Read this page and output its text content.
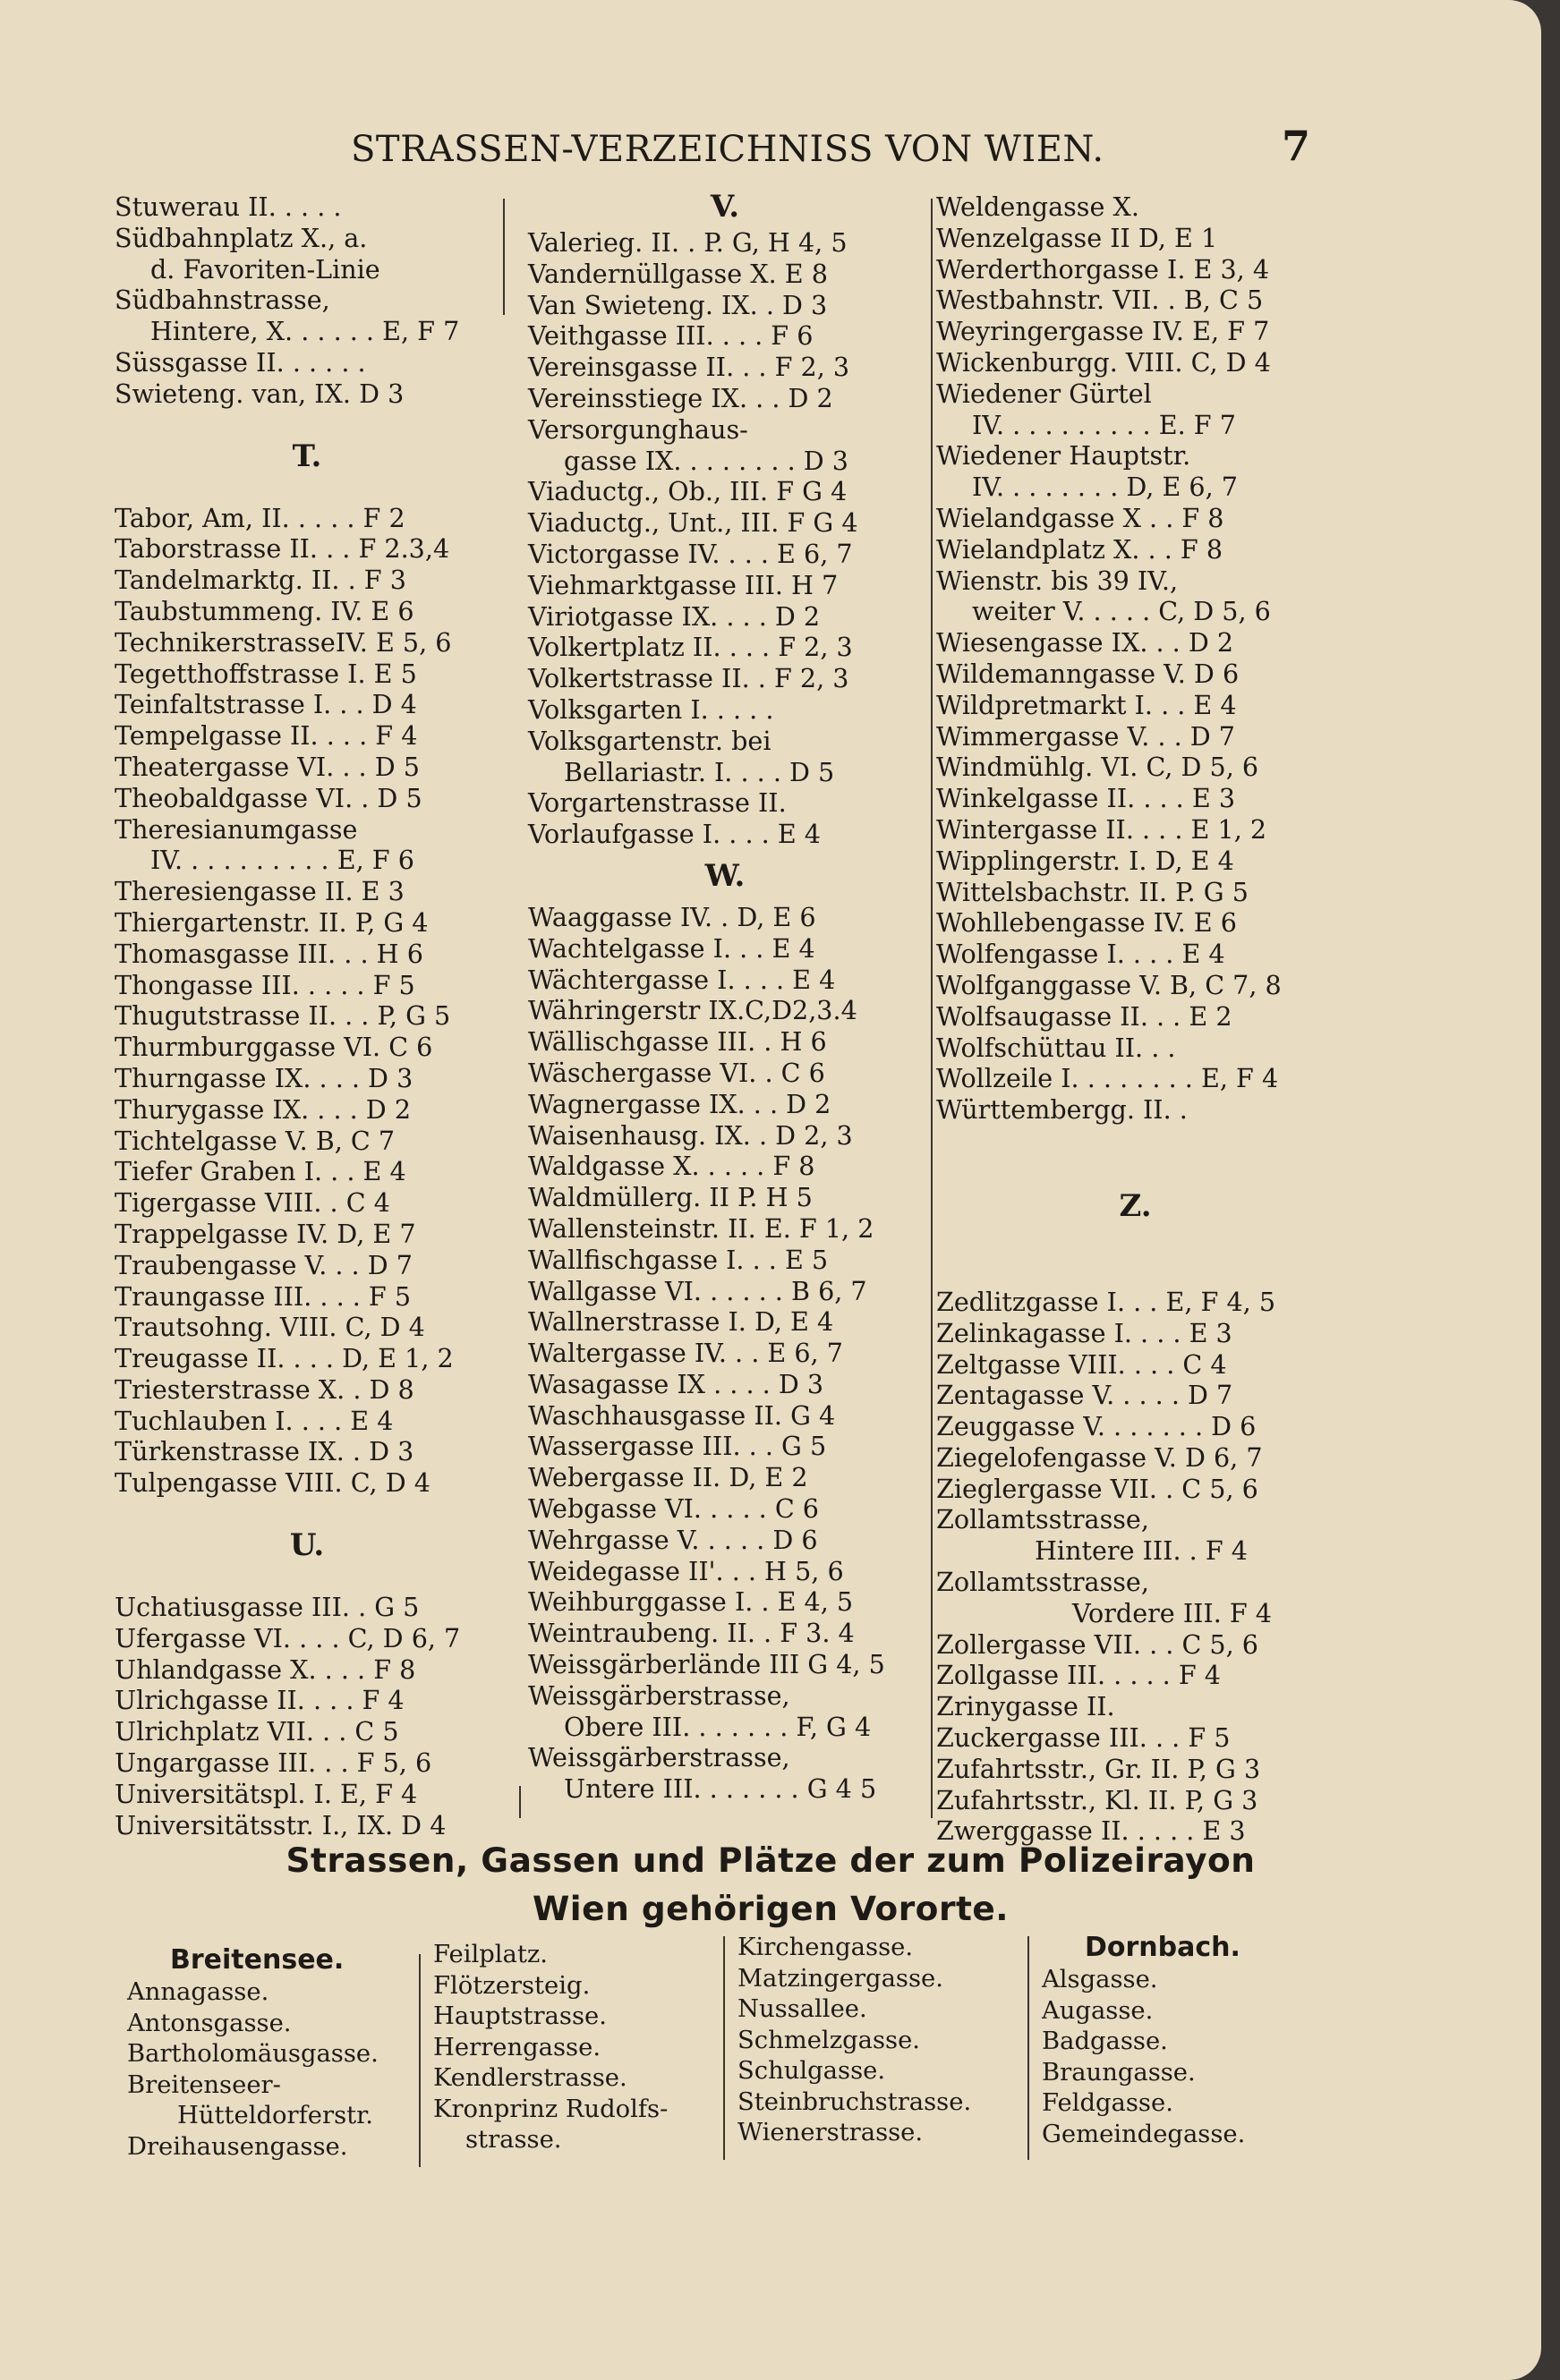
STRASSEN-VERZEICHNISS VON WIEN.	7
Stuwerau II. . . . .
Südbahnplatz X., a.
d. Favoriten-Linie
Südbahnstrasse,
Hintere, X. . . . . . E, F 7
Süssgasse II. . . . . .
Swieteng. van, IX. D 3
T.
Tabor, Am, II. . . . . F 2
Taborstrasse II. . . F 2.3,4
Tandelmarktg. II. . F 3
Taubstummeng. IV. E 6
TechnikerstrasseIV. E 5, 6
Tegetthoffstrasse I. E 5
Teinfaltstrasse I. . . D 4
Tempelgasse II. . . . F 4
Theatergasse VI. . . D 5
Theobaldgasse VI. . D 5
Theresianumgasse
IV. . . . . . . . . . E, F 6
Theresiengasse II. E 3
Thiergartenstr. II. P, G 4
Thomasgasse III. . . H 6
Thongasse III. . . . . F 5
Thugutstrasse II. . . P, G 5
Thurmburggasse VI. C 6
Thurngasse IX. . . . D 3
Thurygasse IX. . . . D 2
Tichtelgasse V. B, C 7
Tiefer Graben I. . . E 4
Tigergasse VIII. . C 4
Trappelgasse IV. D, E 7
Traubengasse V. . . D 7
Traungasse III. . . . F 5
Trautsohng. VIII. C, D 4
Treugasse II. . . . D, E 1, 2
Triesterstrasse X. . D 8
Tuchlauben I. . . . E 4
Türkenstrasse IX. . D 3
Tulpengasse VIII. C, D 4
U.
Uchatiusgasse III. . G 5
Ufergasse VI. . . . C, D 6, 7
Uhlandgasse X. . . . F 8
Ulrichgasse II. . . . F 4
Ulrichplatz VII. . . C 5
Ungargasse III. . . F 5, 6
Universitätspl. I. E, F 4
Universitätsstr. I., IX. D 4
V.
Valerieg. II. . P. G, H 4, 5
Vandernüllgasse X. E 8
Van Swieteng. IX. . D 3
Veithgasse III. . . . F 6
Vereinsgasse II. . . F 2, 3
Vereinsstiege IX. . . D 2
Versorgunghaus-
gasse IX. . . . . . . . D 3
Viaductg., Ob., III. F G 4
Viaductg., Unt., III. F G 4
Victorgasse IV. . . . E 6, 7
Viehmarktgasse III. H 7
Viriotgasse IX. . . . D 2
Volkertplatz II. . . . F 2, 3
Volkertstrasse II. . F 2, 3
Volksgarten I. . . . .
Volksgartenstr. bei
Bellariastr. I. . . . D 5
Vorgartenstrasse II.
Vorlaufgasse I. . . . E 4
W.
Waaggasse IV. . D, E 6
Wachtelgasse I. . . E 4
Wächtergasse I. . . . E 4
Währingerstr IX.C,D2,3.4
Wällischgasse III. . H 6
Wäschergasse VI. . C 6
Wagnergasse IX. . . D 2
Waisenhausg. IX. . D 2, 3
Waldgasse X. . . . . F 8
Waldmüllerg. II P. H 5
Wallensteinstr. II. E. F 1, 2
Wallfischgasse I. . . E 5
Wallgasse VI. . . . . . B 6, 7
Wallnerstrasse I. D, E 4
Waltergasse IV. . . E 6, 7
Wasagasse IX . . . . D 3
Waschhausgasse II. G 4
Wassergasse III. . . G 5
Webergasse II. D, E 2
Webgasse VI. . . . . C 6
Wehrgasse V. . . . . D 6
Weidegasse II'. . . H 5, 6
Weihburggasse I. . E 4, 5
Weintraubeng. II. . F 3. 4
Weissgärberlände III G 4, 5
Weissgärberstrasse,
Obere III. . . . . . . F, G 4
Weissgärberstrasse,
Untere III. . . . . . . G 4 5
Weldengasse X.
Wenzelgasse II D, E 1
Werderthorgasse I. E 3, 4
Westbahnstr. VII. . B, C 5
Weyringergasse IV. E, F 7
Wickenburgg. VIII. C, D 4
Wiedener Gürtel
IV. . . . . . . . . . E. F 7
Wiedener Hauptstr.
IV. . . . . . . . D, E 6, 7
Wielandgasse X . . F 8
Wielandplatz X. . . F 8
Wienstr. bis 39 IV.,
weiter V. . . . . C, D 5, 6
Wiesengasse IX. . . D 2
Wildemanngasse V. D 6
Wildpretmarkt I. . . E 4
Wimmergasse V. . . D 7
Windmühlg. VI. C, D 5, 6
Winkelgasse II. . . . E 3
Wintergasse II. . . . E 1, 2
Wipplingerstr. I. D, E 4
Wittelsbachstr. II. P. G 5
Wohllebengasse IV. E 6
Wolfengasse I. . . . E 4
Wolfganggasse V. B, C 7, 8
Wolfsaugasse II. . . E 2
Wolfschüttau II. . .
Wollzeile I. . . . . . . . E, F 4
Württembergg. II. .
Z.
Zedlitzgasse I. . . E, F 4, 5
Zelinkagasse I. . . . E 3
Zeltgasse VIII. . . . C 4
Zentagasse V. . . . . D 7
Zeuggasse V. . . . . . . D 6
Ziegelofengasse V. D 6, 7
Zieglergasse VII. . C 5, 6
Zollamtsstrasse,
Hintere III. . F 4
Zollamtsstrasse,
Vordere III. F 4
Zollergasse VII. . . C 5, 6
Zollgasse III. . . . . F 4
Zrinygasse II.
Zuckergasse III. . . F 5
Zufahrtsstr., Gr. II. P, G 3
Zufahrtsstr., Kl. II. P, G 3
Zwerggasse II. . . . . E 3
Strassen, Gassen und Plätze der zum Polizeirayon
Wien gehörigen Vororte.
Breitensee.
Annagasse.
Antonsgasse.
Bartholomäusgasse.
Breitenseer-
Hütteldorferstr.
Dreihausengasse.
Feilplatz.
Flötzersteig.
Hauptstrasse.
Herrengasse.
Kendlerstrasse.
Kronprinz Rudolfs-
strasse.
Kirchengasse.
Matzingergasse.
Nussallee.
Schmelzgasse.
Schulgasse.
Steinbruchstrasse.
Wienerstrasse.
Dornbach.
Alsgasse.
Augasse.
Badgasse.
Braungasse.
Feldgasse.
Gemeindegasse.
